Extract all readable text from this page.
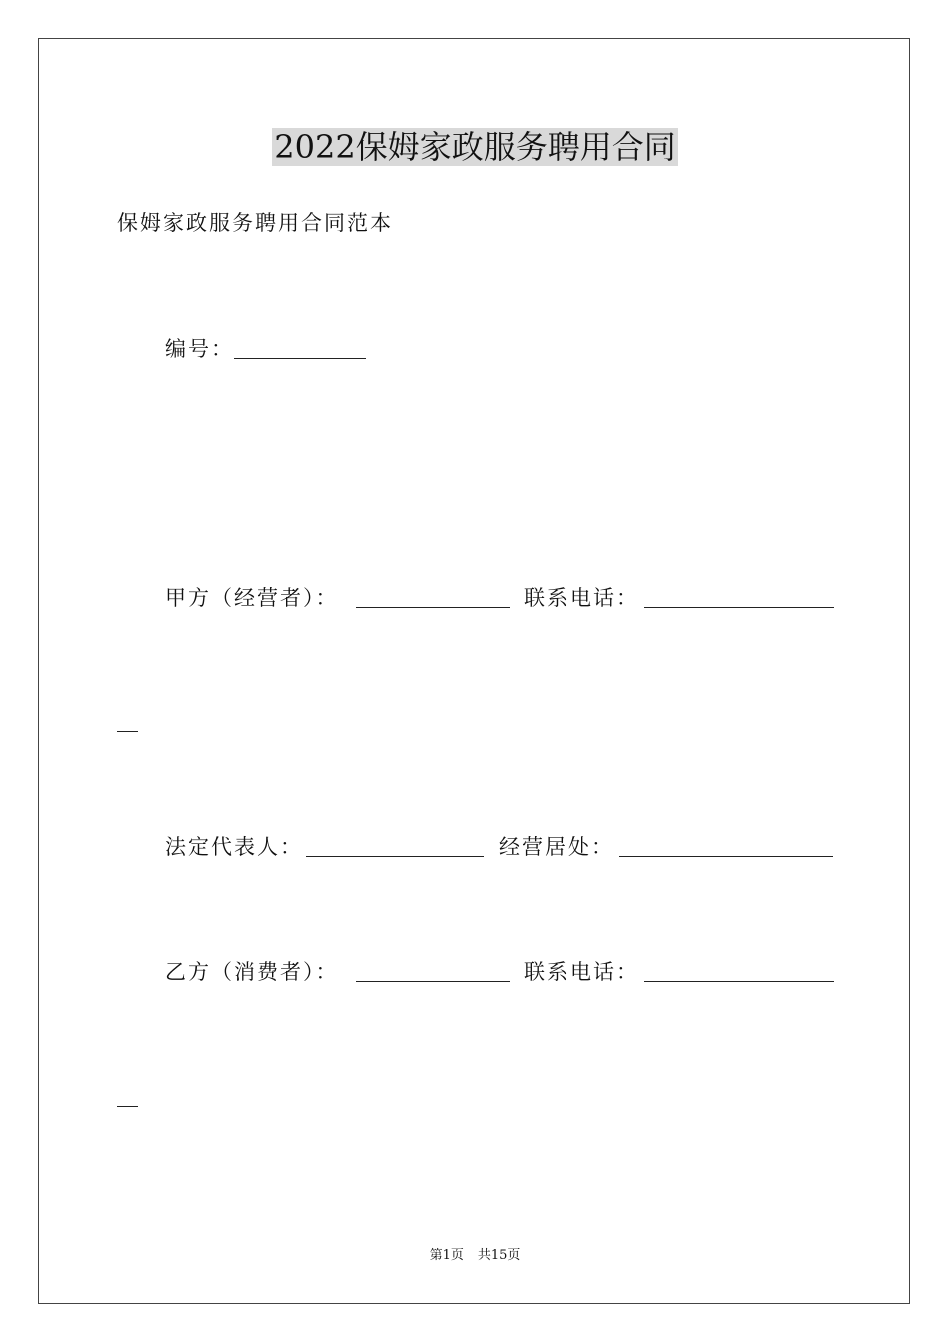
2022保姆家政服务聘用合同
保姆家政服务聘用合同范本
编号：
甲方（经营者）：	联系电话：
法定代表人：	经营居处：
乙方（消费者）：	联系电话：
第1页 共15页
